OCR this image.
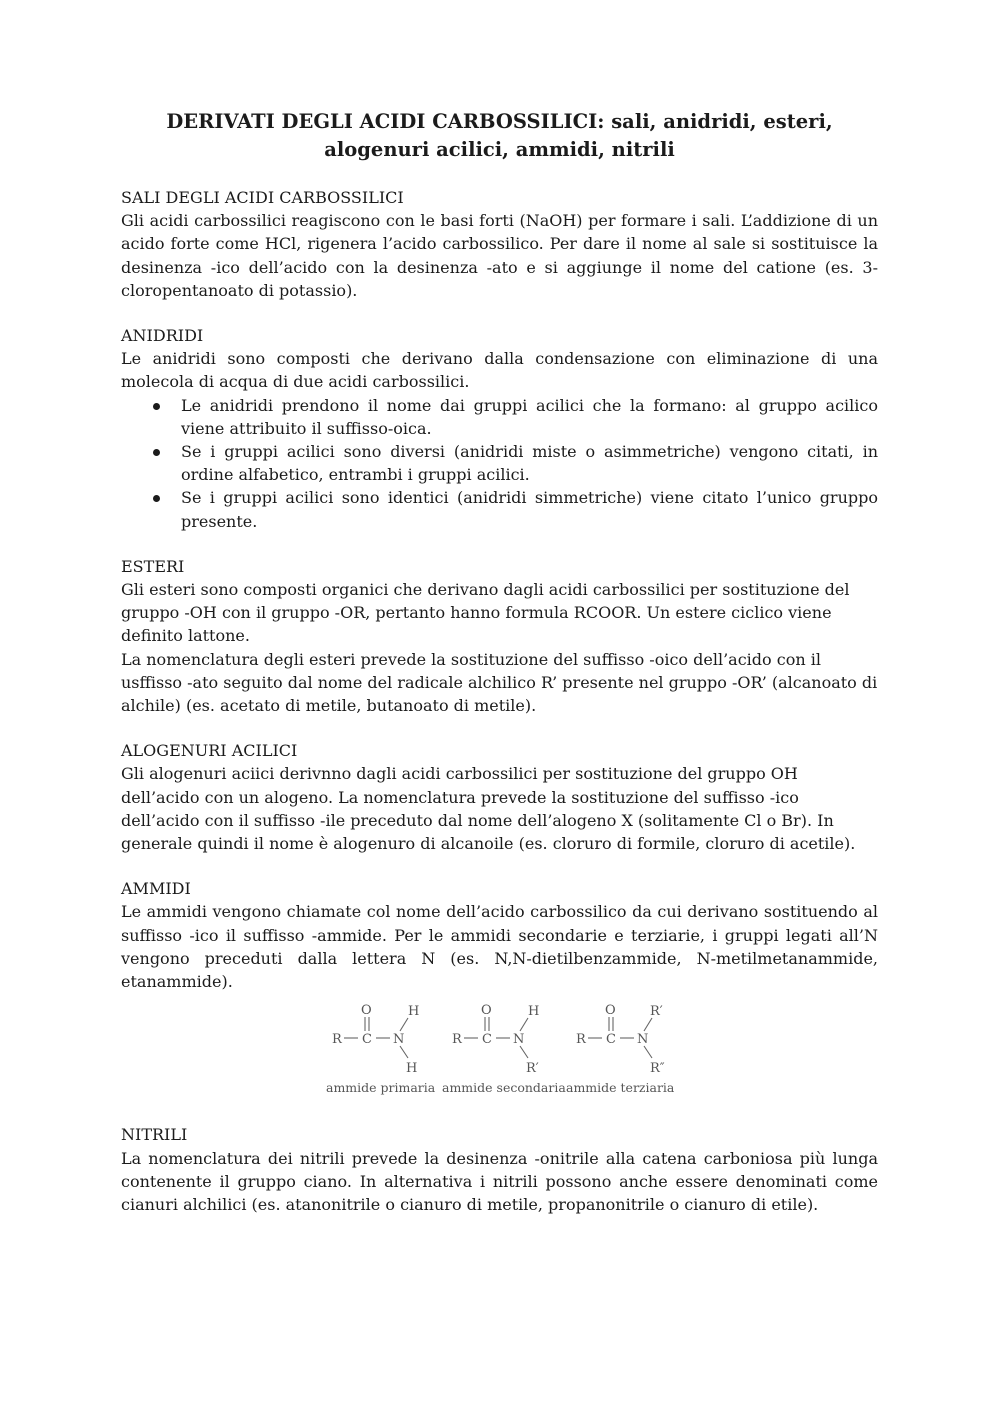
DERIVATI DEGLI ACIDI CARBOSSILICI: sali, anidridi, esteri, alogenuri acilici, ammidi, nitrili

SALI DEGLI ACIDI CARBOSSILICI

Gli acidi carbossilici reagiscono con le basi forti (NaOH) per formare i sali. L’addizione di un acido forte come HCl, rigenera l’acido carbossilico. Per dare il nome al sale si sostituisce la desinenza -ico dell’acido con la desinenza -ato e si aggiunge il nome del catione (es. 3-cloropentanoato di potassio).

ANIDRIDI

Le anidridi sono composti che derivano dalla condensazione con eliminazione di una molecola di acqua di due acidi carbossilici.

Le anidridi prendono il nome dai gruppi acilici che la formano: al gruppo acilico viene attribuito il suffisso-oica.
Se i gruppi acilici sono diversi (anidridi miste o asimmetriche) vengono citati, in ordine alfabetico, entrambi i gruppi acilici.
Se i gruppi acilici sono identici (anidridi simmetriche) viene citato l’unico gruppo presente.

ESTERI

Gli esteri sono composti organici che derivano dagli acidi carbossilici per sostituzione del gruppo -OH con il gruppo -OR, pertanto hanno formula RCOOR. Un estere ciclico viene definito lattone.

La nomenclatura degli esteri prevede la sostituzione del suffisso -oico dell’acido con il usffisso -ato seguito dal nome del radicale alchilico R’ presente nel gruppo -OR’ (alcanoato di alchile) (es. acetato di metile, butanoato di metile).

ALOGENURI ACILICI

Gli alogenuri aciici derivnno dagli acidi carbossilici per sostituzione del gruppo OH dell’acido con un alogeno. La nomenclatura prevede la sostituzione del suffisso -ico dell’acido con il suffisso -ile preceduto dal nome dell’alogeno X (solitamente Cl o Br). In generale quindi il nome è alogenuro di alcanoile (es. cloruro di formile, cloruro di acetile).

AMMIDI

Le ammidi vengono chiamate col nome dell’acido carbossilico da cui derivano sostituendo al suffisso -ico il suffisso -ammide. Per le ammidi secondarie e terziarie, i gruppi legati all’N vengono preceduti dalla lettera N (es. N,N-dietilbenzammide, N-metilmetanammide, etanammide).

R C
O
N
H
H
ammide primaria
R C
O
N
H
R′
ammide secondaria
R C
O
N
R′
R″
ammide terziaria

NITRILI

La nomenclatura dei nitrili prevede la desinenza -onitrile alla catena carboniosa più lunga contenente il gruppo ciano. In alternativa i nitrili possono anche essere denominati come cianuri alchilici (es. atanonitrile o cianuro di metile, propanonitrile o cianuro di etile).
